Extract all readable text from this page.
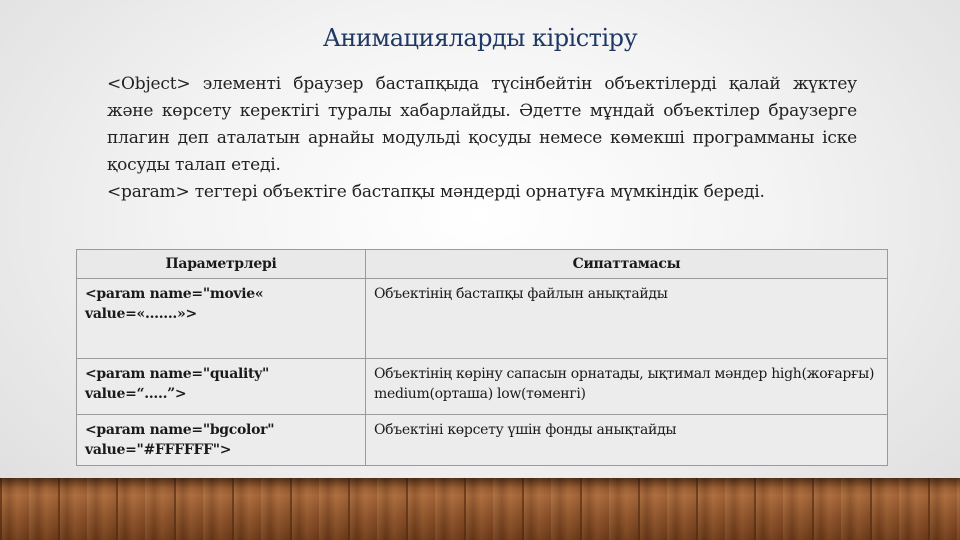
Анимацияларды кірістіру

<Object> элементі браузер бастапқыда түсінбейтін объектілерді қалай жүктеу және көрсету керектігі туралы хабарлайды. Әдетте мұндай объектілер браузерге плагин деп аталатын арнайы модульді қосуды немесе көмекші программаны іске қосуды талап етеді.

<param> тегтері объектіге бастапқы мәндерді орнатуға мүмкіндік береді.

Параметрлері	Сипаттамасы
<param name="movie« value=«.......»>	Объектінің бастапқы файлын анықтайды
<param name="quality" value=“…..”>	Объектінің көріну сапасын орнатады, ықтимал мәндер high(жоғарғы) medium(орташа) low(төменгі)
<param name="bgcolor" value="#FFFFFF">	Объектіні көрсету үшін фонды анықтайды
